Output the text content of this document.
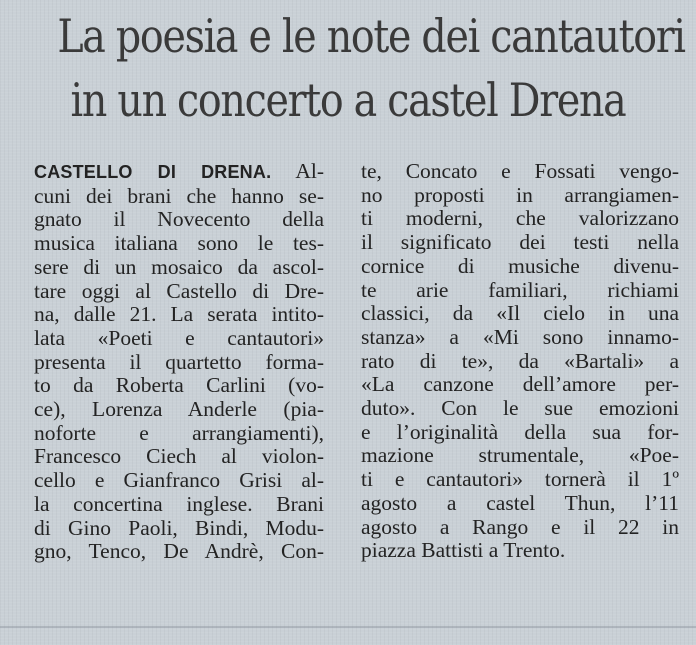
La poesia e le note dei cantautori
in un concerto a castel Drena
CASTELLO DI DRENA. Al-
cuni dei brani che hanno se-
gnato il Novecento della
musica italiana sono le tes-
sere di un mosaico da ascol-
tare oggi al Castello di Dre-
na, dalle 21. La serata intito-
lata «Poeti e cantautori»
presenta il quartetto forma-
to da Roberta Carlini (vo-
ce), Lorenza Anderle (pia-
noforte e arrangiamenti),
Francesco Ciech al violon-
cello e Gianfranco Grisi al-
la concertina inglese. Brani
di Gino Paoli, Bindi, Modu-
gno, Tenco, De Andrè, Con-
te, Concato e Fossati vengo-
no proposti in arrangiamen-
ti moderni, che valorizzano
il significato dei testi nella
cornice di musiche divenu-
te arie familiari, richiami
classici, da «Il cielo in una
stanza» a «Mi sono innamo-
rato di te», da «Bartali» a
«La canzone dell’amore per-
duto». Con le sue emozioni
e l’originalità della sua for-
mazione strumentale, «Poe-
ti e cantautori» tornerà il 1º
agosto a castel Thun, l’11
agosto a Rango e il 22 in
piazza Battisti a Trento.
